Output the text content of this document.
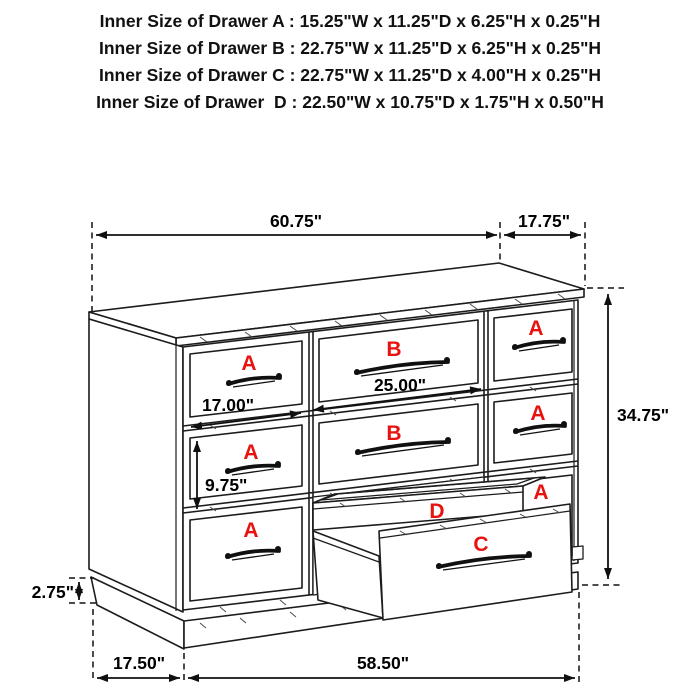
Inner Size of Drawer A : 15.25"W x 11.25"D x 6.25"H x 0.25"H
Inner Size of Drawer B : 22.75"W x 11.25"D x 6.25"H x 0.25"H
Inner Size of Drawer C : 22.75"W x 11.25"D x 4.00"H x 0.25"H
Inner Size of Drawer  D : 22.50"W x 10.75"D x 1.75"H x 0.50"H
A
A
A
B
B
A
A
A
D
C
60.75"	17.75"
34.75"
25.00"
17.00"
9.75"
2.75"
17.50"	58.50"
